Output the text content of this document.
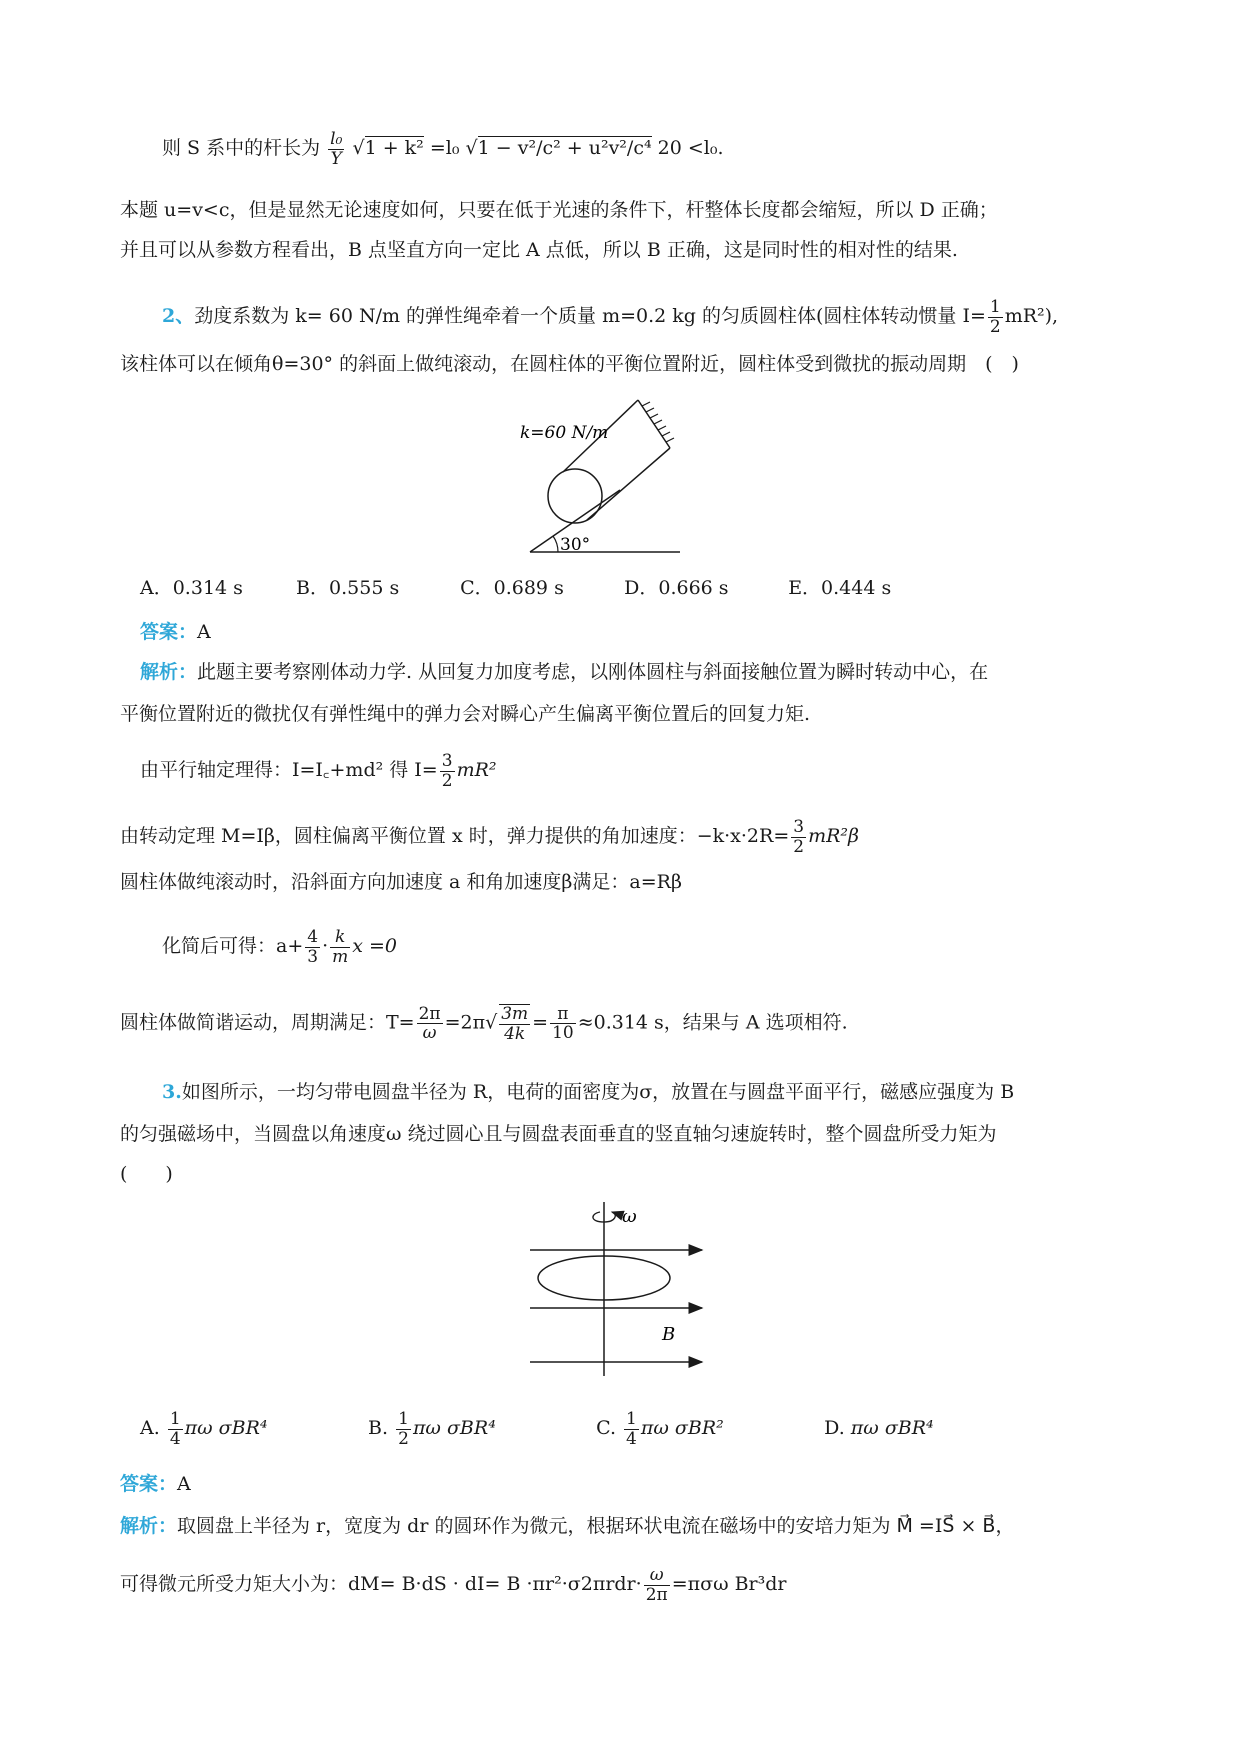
则 S 系中的杆长为 $\frac{\text{l₀}}{\Upsilon} √1 + k^2 =l_0$ √1 − v²/c² + u²v²/c⁴ 20 <l₀.
本题 u=v<c，但是显然无论速度如何，只要在低于光速的条件下，杆整体长度都会缩短，所以 D 正确；
并且可以从参数方程看出，B 点坚直方向一定比 A 点低，所以 B 正确，这是同时性的相对性的结果.
2、劲度系数为 k= 60 N/m 的弹性绳牵着一个质量 m=0.2 kg 的匀质圆柱体(圆柱体转动惯量 $I= \frac{1}{2} mR^2$),
该柱体可以在倾角θ=30° 的斜面上做纯滚动，在圆柱体的平衡位置附近，圆柱体受到微扰的振动周期　(　)
k=60 N/m
30°
A．0.314 s	B．0.555 s	C．0.689 s	D．0.666 s	E．0.444 s
答案：A
解析：此题主要考察刚体动力学. 从回复力加度考虑，以刚体圆柱与斜面接触位置为瞬时转动中心，在
平衡位置附近的微扰仅有弹性绳中的弹力会对瞬心产生偏离平衡位置后的回复力矩.
由平行轴定理得：I=I꜀+md² 得 $I= \frac{3}{2} mR^2$
由转动定理 M=Iβ，圆柱偏离平衡位置 x 时，弹力提供的角加速度：$-k\cdot x\cdot 2R= \frac{3}{2} mR^2\beta$
圆柱体做纯滚动时，沿斜面方向加速度 a 和角加速度β满足：a=Rβ
化简后可得：$a+ \frac{4}{3} \cdot \frac{k}{m}$ x =0
圆柱体做简谐运动，周期满足：$T= \frac{2\pi}{\omega} =2\pi√ \frac{3m}{4k} = \frac{\pi}{10} \approx 0.314$ s，结果与 A 选项相符.
3.如图所示，一均匀带电圆盘半径为 R，电荷的面密度为σ，放置在与圆盘平面平行，磁感应强度为 B
的匀强磁场中，当圆盘以角速度ω 绕过圆心且与圆盘表面垂直的竖直轴匀速旋转时，整个圆盘所受力矩为
(　　)
ω
B
A. $\frac{1}{4}$ πω σBR⁴	B. $\frac{1}{2}$ πω σBR⁴	C. $\frac{1}{4}$ πω σBR²	D. πω σBR⁴
答案：A
解析：取圆盘上半径为 r，宽度为 dr 的圆环作为微元，根据环状电流在磁场中的安培力矩为 M⃗ =IS⃗ × B⃗，
可得微元所受力矩大小为：$dM= B\cdot dS \cdot dI= B \cdot\pi r^2\cdot\sigma 2\pi rdr\cdot \frac{\omega}{2\pi} =\pi\sigma\omega$ Br³dr
